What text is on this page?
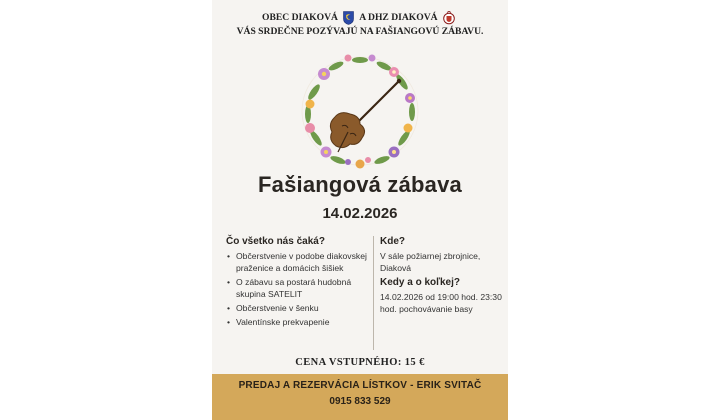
OBEC DIAKOVÁ A DHZ DIAKOVÁ
VÁS SRDEČNE POZÝVAJÚ NA FAŠIANGOVÚ ZÁBAVU.
Fašiangová zábava
14.02.2026
Čo všetko nás čaká?
• Občerstvenie v podobe diakovskej praženice a domácich šišiek
• O zábavu sa postará hudobná skupina SATELIT
• Občerstvenie v šenku
• Valentínske prekvapenie
Kde?
V sále požiarnej zbrojnice, Diaková
Kedy a o koľkej?
14.02.2026 od 19:00 hod. 23:30 hod. pochovávanie basy
CENA VSTUPNÉHO: 15 €
PREDAJ A REZERVÁCIA LÍSTKOV - ERIK SVITAČ
0915 833 529
